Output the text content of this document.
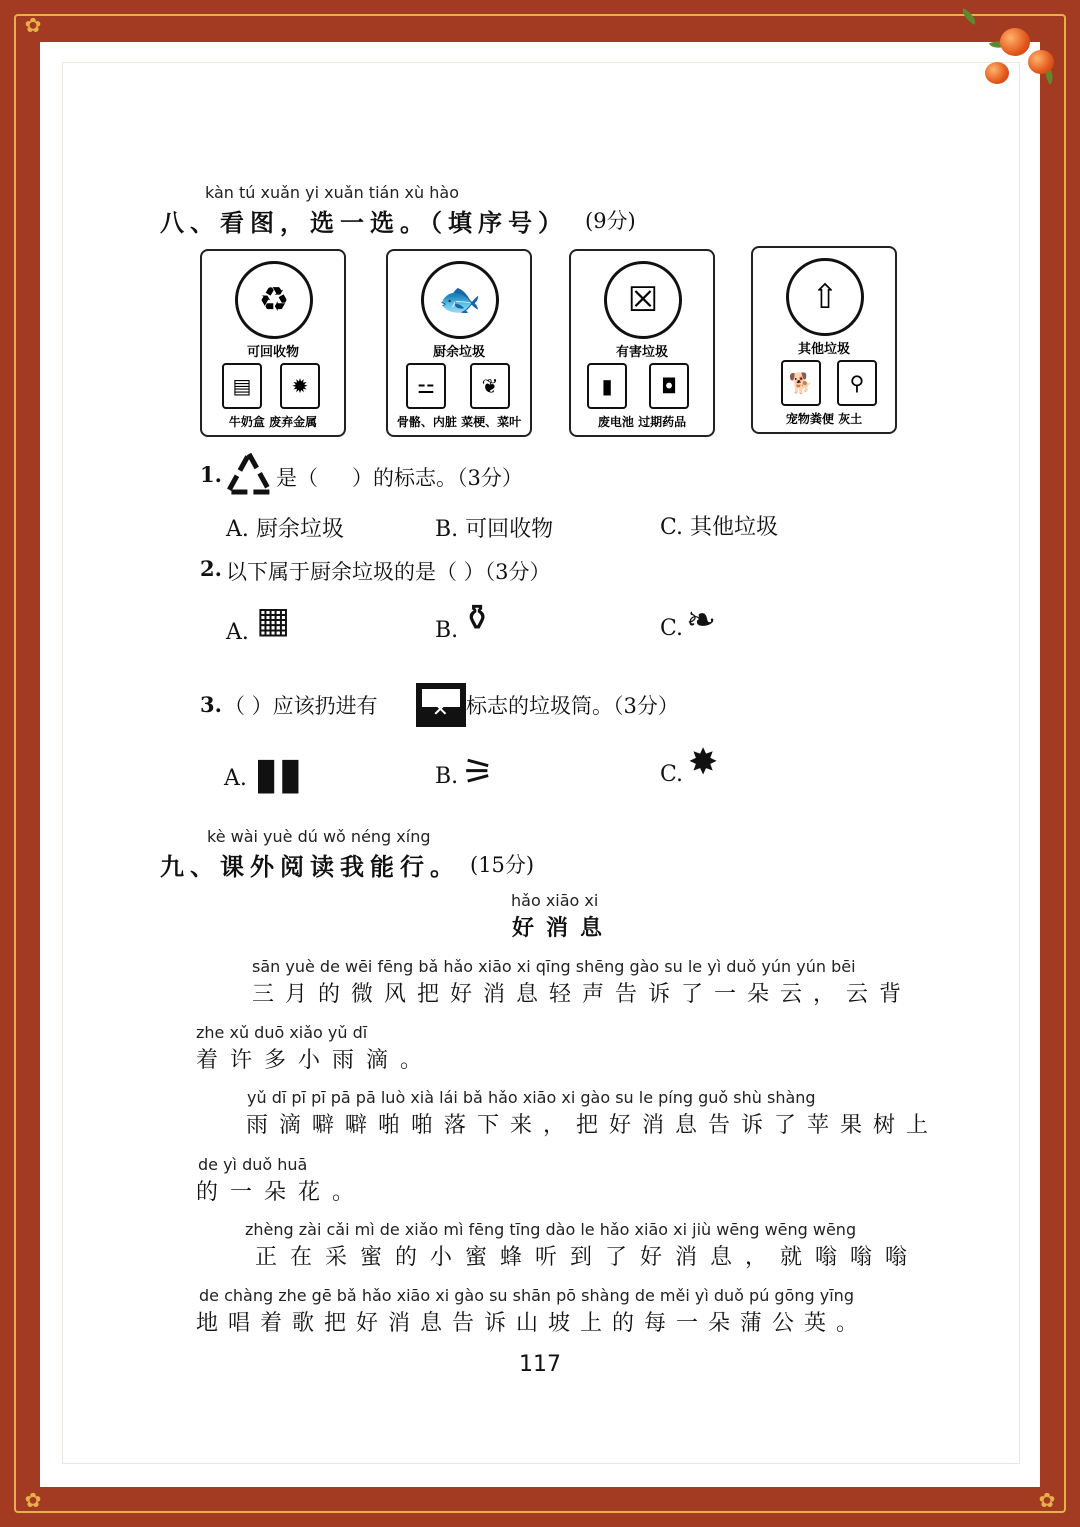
✿
✿	✿
kàn tú xuǎn yi xuǎn tián xù hào
八、看图，选一选。（填序号） (9分)
♻
可回收物
▤	✹
牛奶盒 废弃金属
🐟
厨余垃圾
⚍	❦
骨骼、内脏 菜梗、菜叶
☒
有害垃圾
▮	◘
废电池 过期药品
⇧
其他垃圾
🐕	⚲
宠物粪便 灰土
1.	是（ ）的标志。（3分）
A. 厨余垃圾	B. 可回收物	C. 其他垃圾
2. 以下属于厨余垃圾的是（ ）（3分）
A. ▦	B. ⚱	C. ❧
3. （ ）应该扔进有	✕ 标志的垃圾筒。（3分）
A. ▮▮	B. ⚞	C. ✸
kè wài yuè dú wǒ néng xíng
九、课外阅读我能行。 (15分)
hǎo xiāo xi
好消息
sān yuè de wēi fēng bǎ hǎo xiāo xi qīng shēng gào su le yì duǒ yún yún bēi
三月的微风把好消息轻声告诉了一朵云，云背
zhe xǔ duō xiǎo yǔ dī
着许多小雨滴。
yǔ dī pī pī pā pā luò xià lái bǎ hǎo xiāo xi gào su le píng guǒ shù shàng
雨滴噼噼啪啪落下来，把好消息告诉了苹果树上
de yì duǒ huā
的一朵花。
zhèng zài cǎi mì de xiǎo mì fēng tīng dào le hǎo xiāo xi jiù wēng wēng wēng
正在采蜜的小蜜蜂听到了好消息，就嗡嗡嗡
de chàng zhe gē bǎ hǎo xiāo xi gào su shān pō shàng de měi yì duǒ pú gōng yīng
地唱着歌把好消息告诉山坡上的每一朵蒲公英。
117
